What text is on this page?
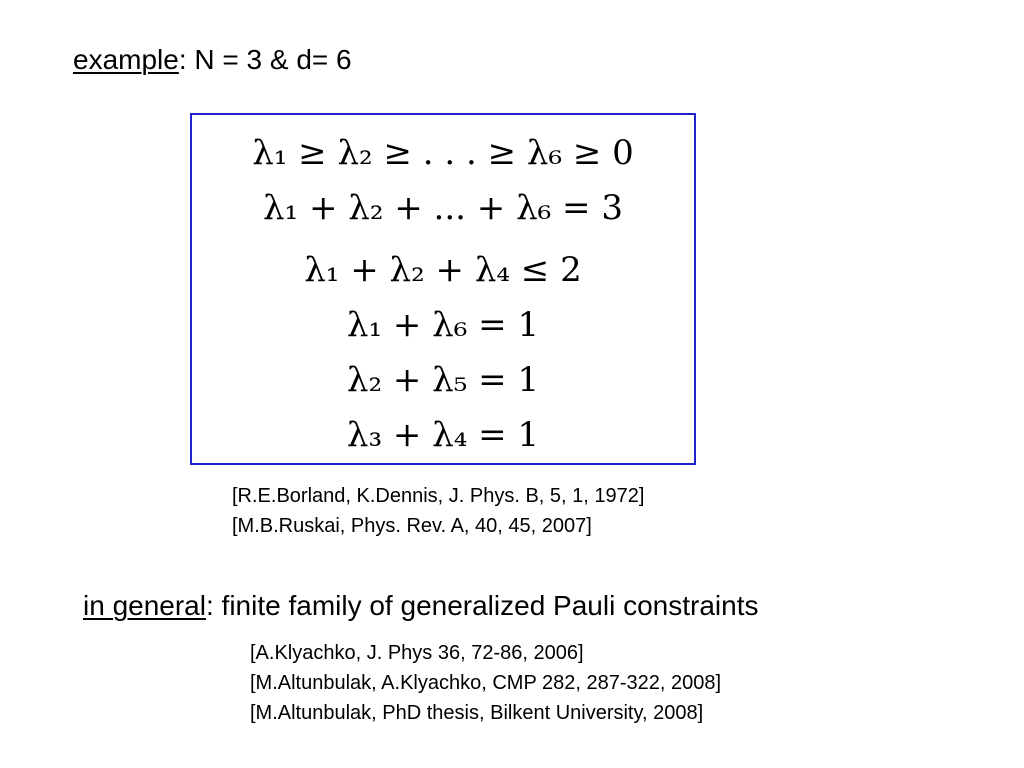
example: N = 3 & d= 6
λ₁ ≥ λ₂ ≥ . . . ≥ λ₆ ≥ 0
λ₁ + λ₂ + ... + λ₆ = 3
λ₁ + λ₂ + λ₄ ≤ 2
λ₁ + λ₆ = 1
λ₂ + λ₅ = 1
λ₃ + λ₄ = 1
[R.E.Borland, K.Dennis, J. Phys. B, 5, 1, 1972]
[M.B.Ruskai, Phys. Rev. A, 40, 45, 2007]
in general: finite family of generalized Pauli constraints
[A.Klyachko, J. Phys 36, 72-86, 2006]
[M.Altunbulak, A.Klyachko, CMP 282, 287-322, 2008]
[M.Altunbulak, PhD thesis, Bilkent University, 2008]
